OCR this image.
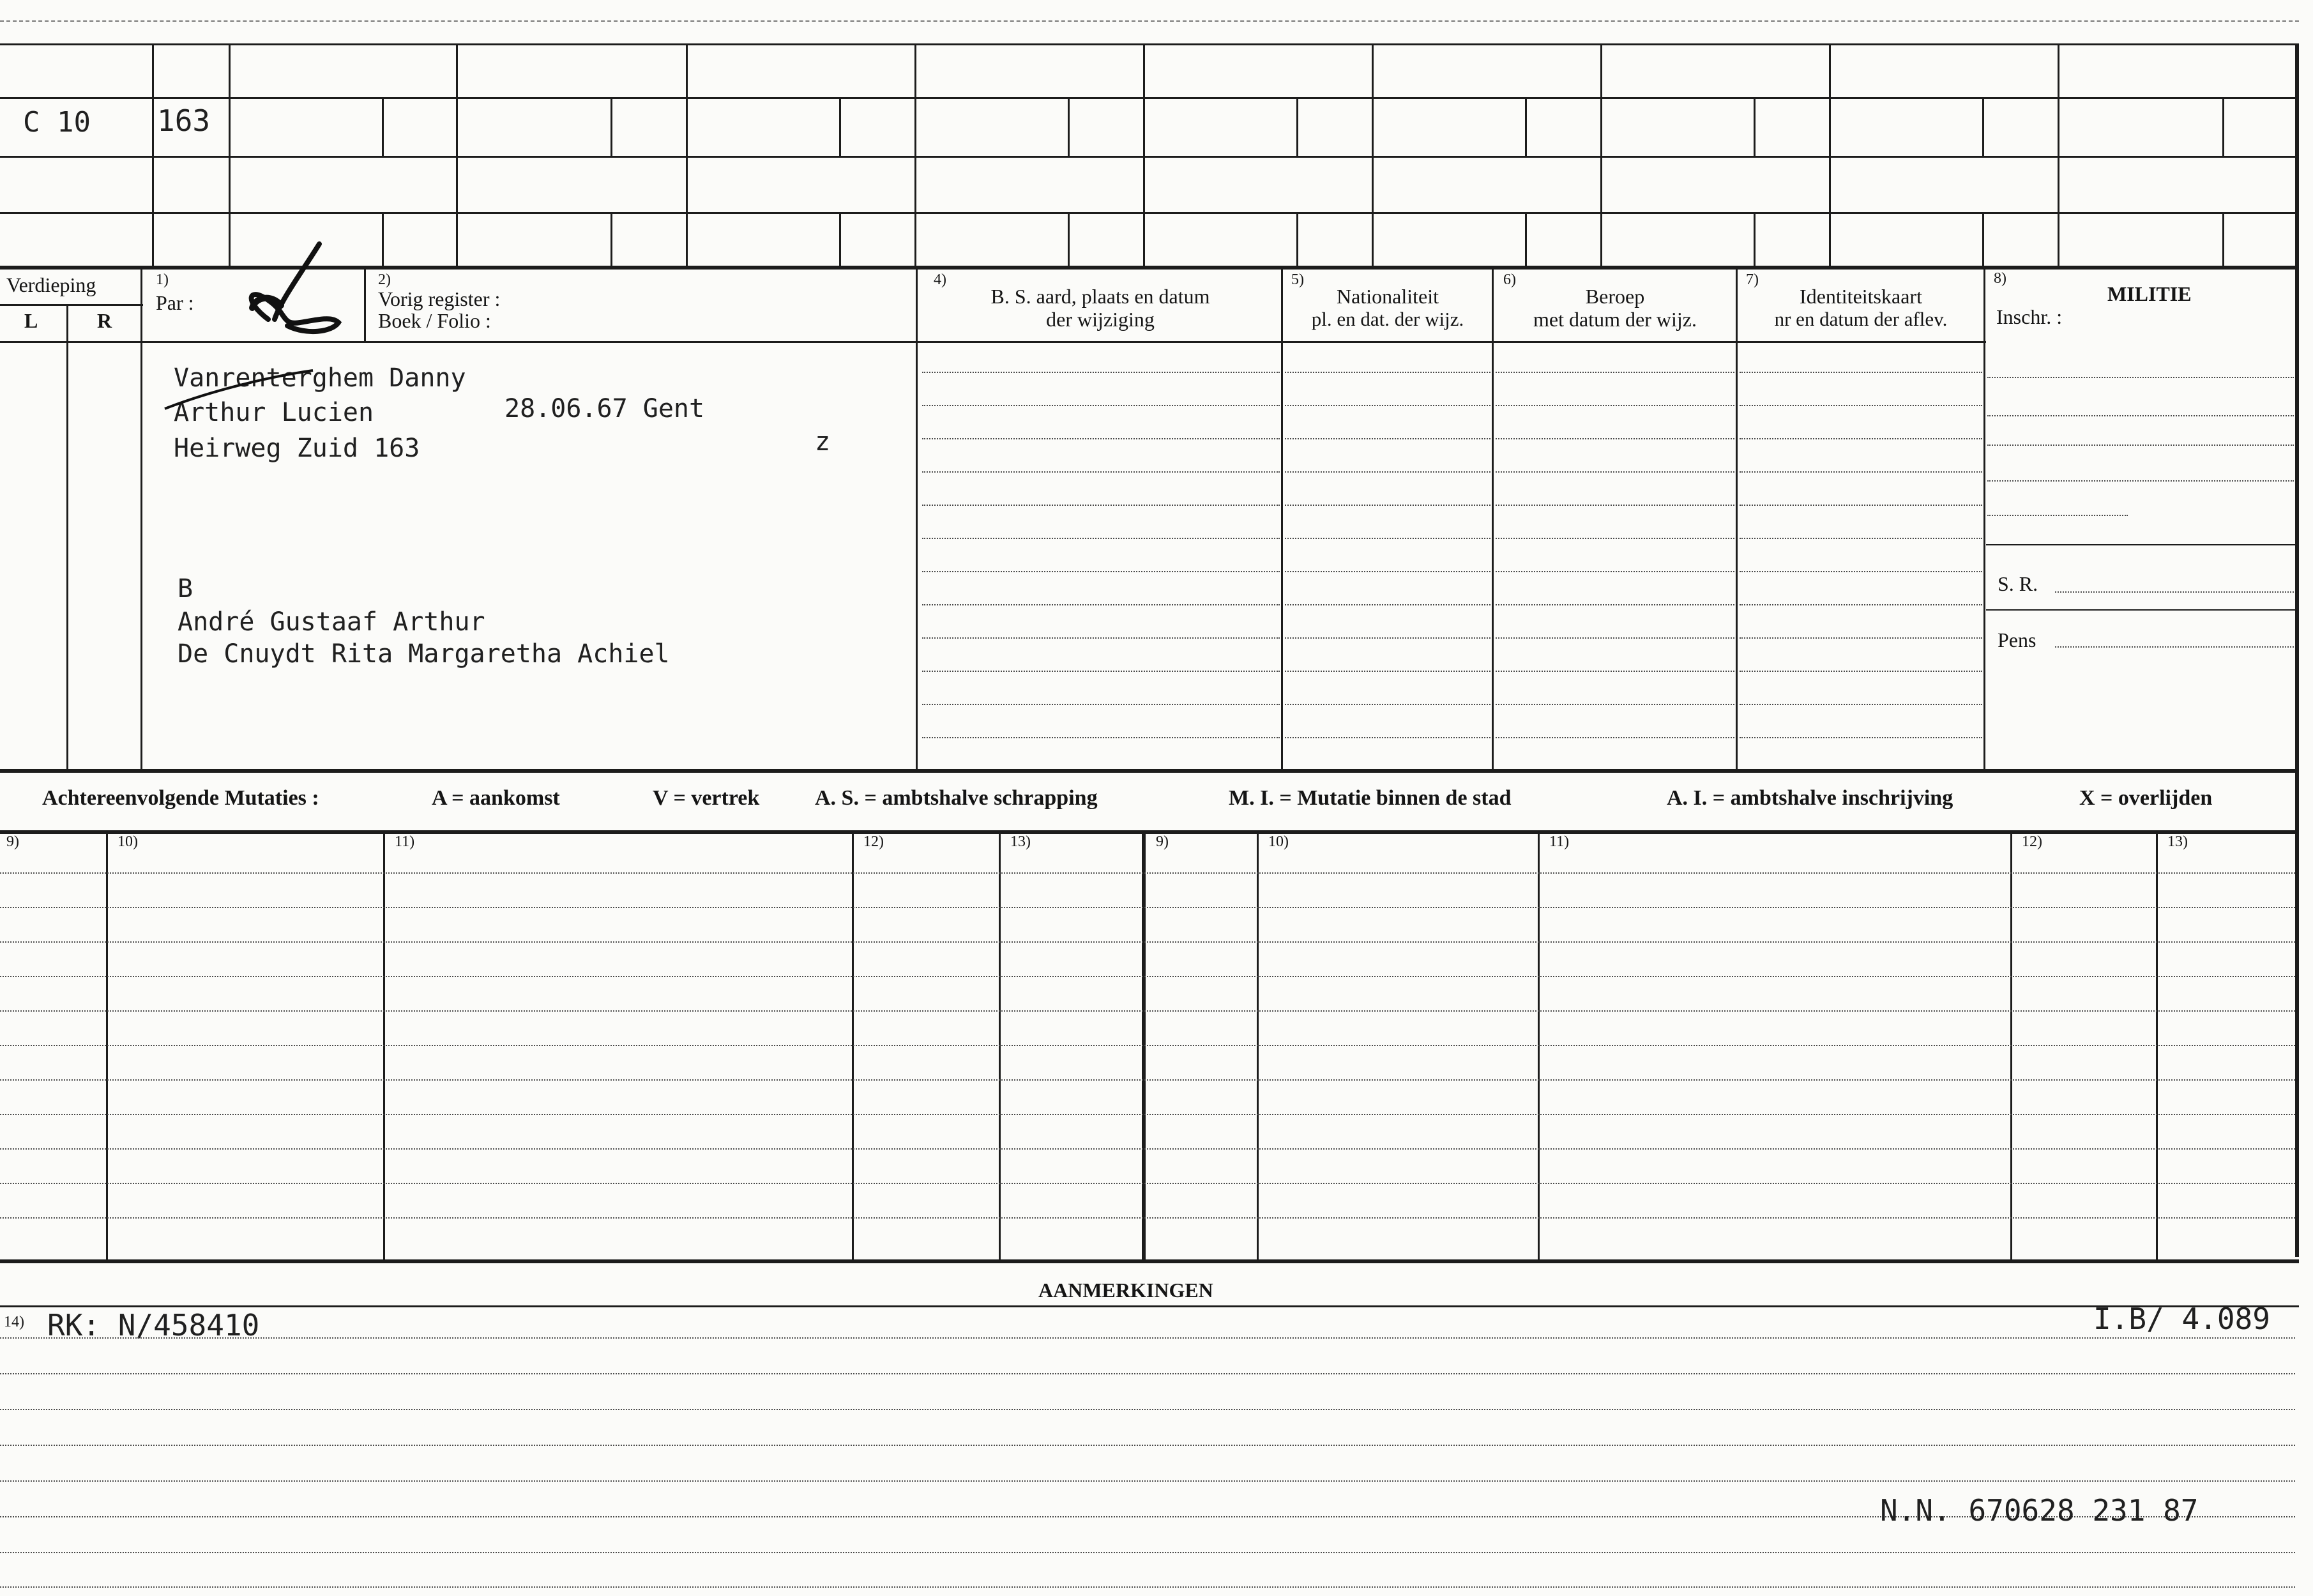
C 10 163
Verdieping
L	R
1)
Par :
2)
Vorig register :
Boek / Folio :
4)
B. S. aard, plaats en datum
der wijziging
5)
Nationaliteit
pl. en dat. der wijz.
6)
Beroep
met datum der wijz.
7)
Identiteitskaart
nr en datum der aflev.
8)
MILITIE
Inschr. :
S. R.
Pens
Vanrenterghem Danny
Arthur Lucien	28.06.67 Gent
Heirweg Zuid 163	z
B
André Gustaaf Arthur
De Cnuydt Rita Margaretha Achiel
Achtereenvolgende Mutaties :	A = aankomst	V = vertrek	A. S. = ambtshalve schrapping	M. I. = Mutatie binnen de stad	A. I. = ambtshalve inschrijving	X = overlijden
9)	10)	11)	12)	13)	9)	10)	11)	12)	13)
AANMERKINGEN
14) RK: N/458410	I.B/ 4.089
N.N. 670628 231 87
